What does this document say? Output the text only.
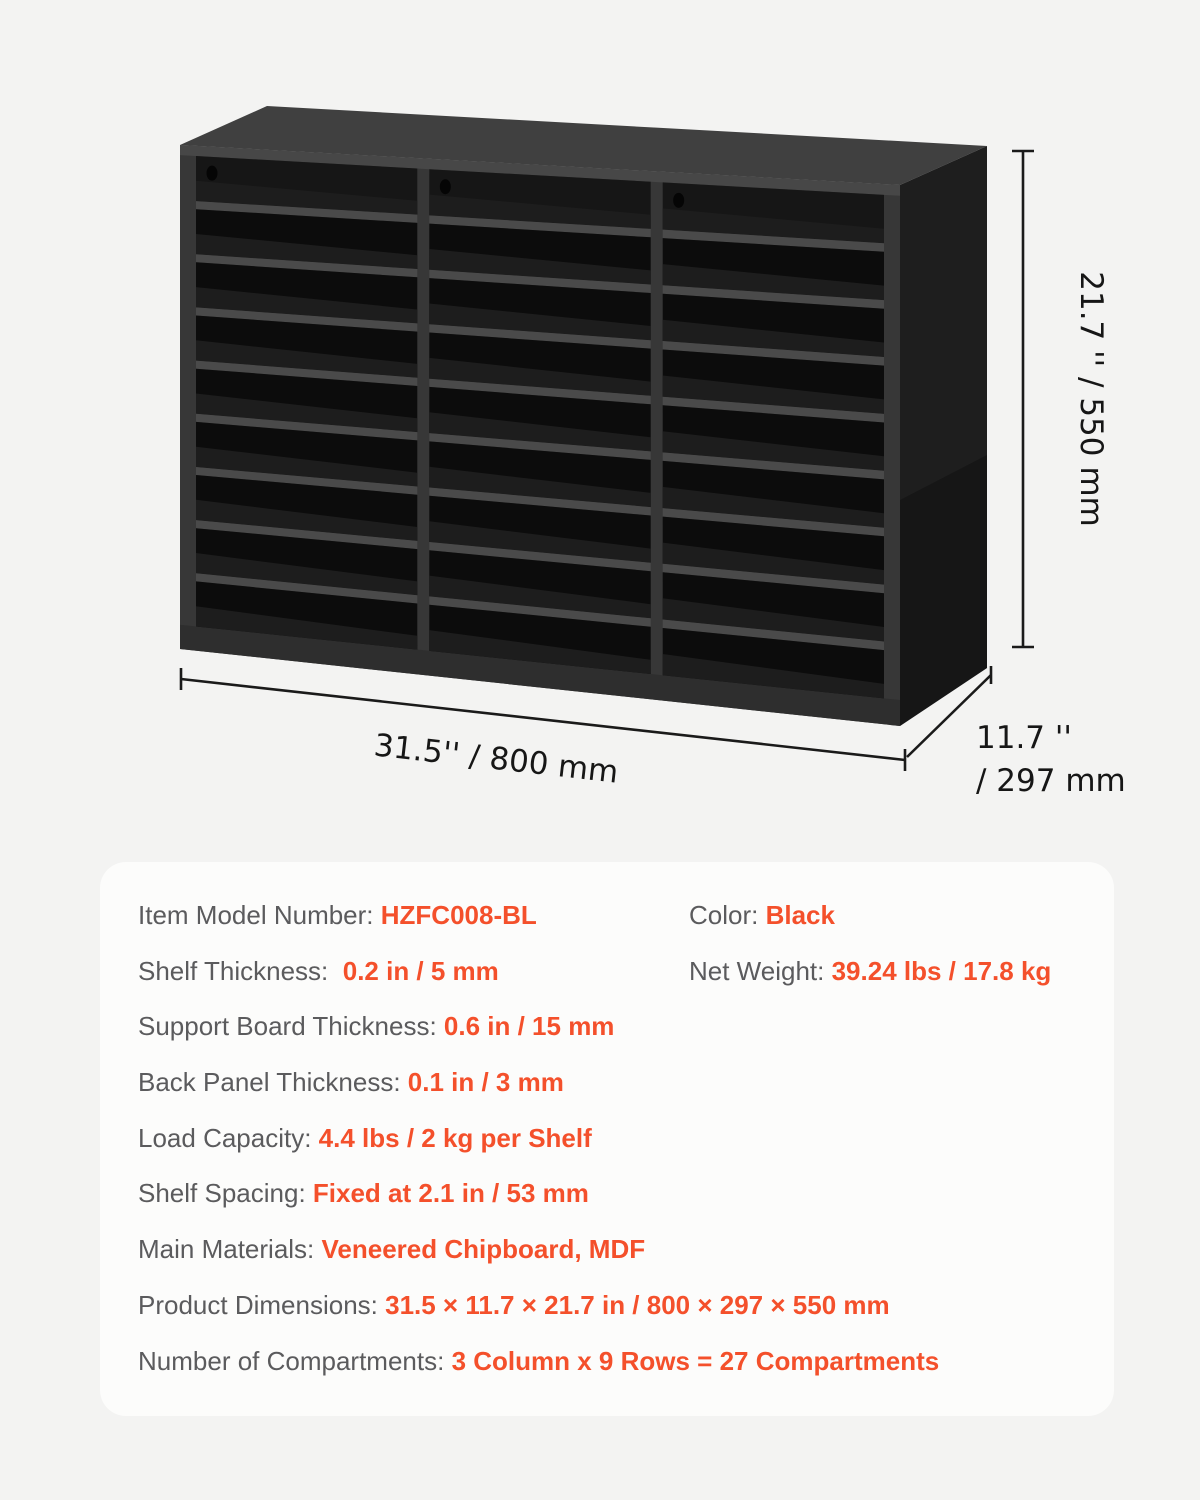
21.7 '' / 550 mm
31.5'' / 800 mm	11.7 ''
/ 297 mm
Item Model Number: HZFC008-BL	Color: Black
Shelf Thickness:  0.2 in / 5 mm	Net Weight: 39.24 lbs / 17.8 kg
Support Board Thickness: 0.6 in / 15 mm
Back Panel Thickness: 0.1 in / 3 mm
Load Capacity: 4.4 lbs / 2 kg per Shelf
Shelf Spacing: Fixed at 2.1 in / 53 mm
Main Materials: Veneered Chipboard, MDF
Product Dimensions: 31.5 × 11.7 × 21.7 in / 800 × 297 × 550 mm
Number of Compartments: 3 Column x 9 Rows = 27 Compartments
